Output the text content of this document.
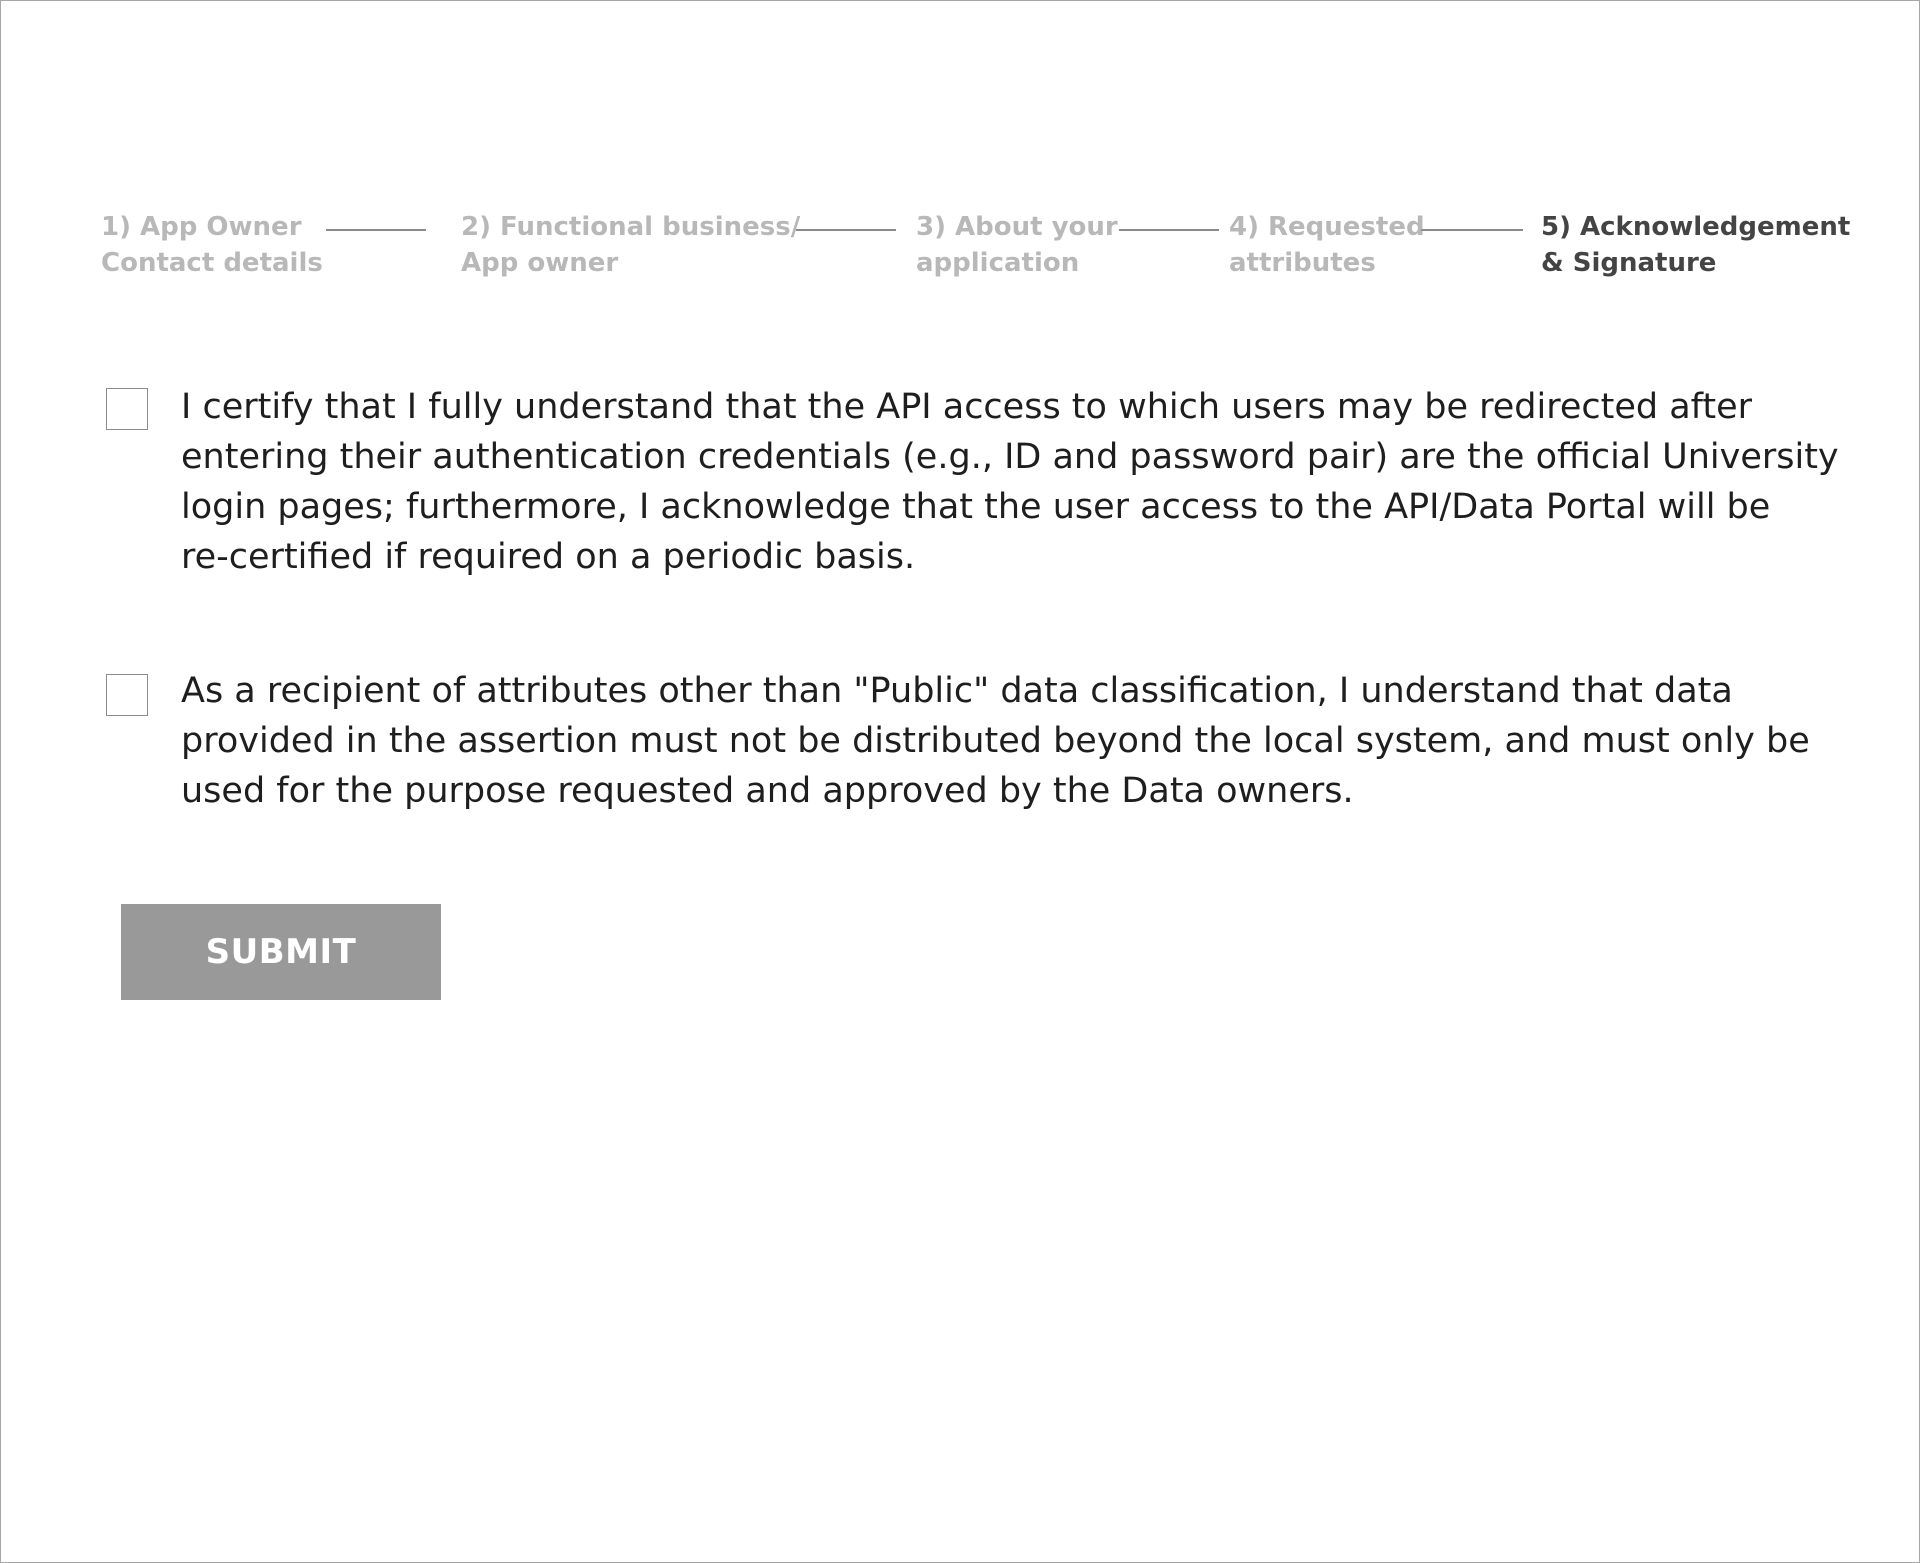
1) App Owner
Contact details
2) Functional business/
App owner
3) About your
application
4) Requested
attributes
5) Acknowledgement
& Signature
I certify that I fully understand that the API access to which users may be redirected after
entering their authentication credentials (e.g., ID and password pair) are the official University
login pages; furthermore, I acknowledge that the user access to the API/Data Portal will be
re-certified if required on a periodic basis.
As a recipient of attributes other than "Public" data classification, I understand that data
provided in the assertion must not be distributed beyond the local system, and must only be
used for the purpose requested and approved by the Data owners.
SUBMIT
